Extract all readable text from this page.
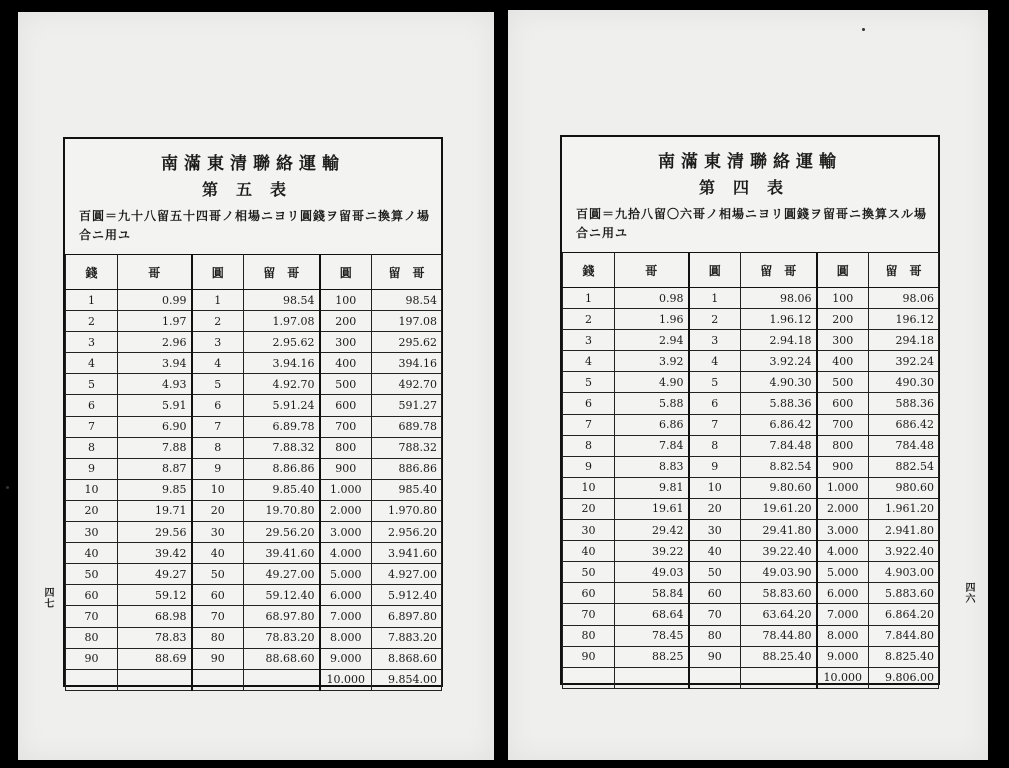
南滿東清聯絡運輸
第五表
百圓＝九十八留五十四哥ノ相場ニヨリ圓錢ヲ留哥ニ換算ノ場合ニ用ユ
錢	哥	圓	留　哥	圓	留　哥
1	0.99	1	98.54	100	98.54
2	1.97	2	1.97.08	200	197.08
3	2.96	3	2.95.62	300	295.62
4	3.94	4	3.94.16	400	394.16
5	4.93	5	4.92.70	500	492.70
6	5.91	6	5.91.24	600	591.27
7	6.90	7	6.89.78	700	689.78
8	7.88	8	7.88.32	800	788.32
9	8.87	9	8.86.86	900	886.86
10	9.85	10	9.85.40	1.000	985.40
20	19.71	20	19.70.80	2.000	1.970.80
30	29.56	30	29.56.20	3.000	2.956.20
40	39.42	40	39.41.60	4.000	3.941.60
50	49.27	50	49.27.00	5.000	4.927.00
60	59.12	60	59.12.40	6.000	5.912.40
70	68.98	70	68.97.80	7.000	6.897.80
80	78.83	80	78.83.20	8.000	7.883.20
90	88.69	90	88.68.60	9.000	8.868.60
				10.000	9.854.00
四七
南滿東清聯絡運輸
第四表
百圓＝九拾八留〇六哥ノ相場ニヨリ圓錢ヲ留哥ニ換算スル場合ニ用ユ
錢	哥	圓	留　哥	圓	留　哥
1	0.98	1	98.06	100	98.06
2	1.96	2	1.96.12	200	196.12
3	2.94	3	2.94.18	300	294.18
4	3.92	4	3.92.24	400	392.24
5	4.90	5	4.90.30	500	490.30
6	5.88	6	5.88.36	600	588.36
7	6.86	7	6.86.42	700	686.42
8	7.84	8	7.84.48	800	784.48
9	8.83	9	8.82.54	900	882.54
10	9.81	10	9.80.60	1.000	980.60
20	19.61	20	19.61.20	2.000	1.961.20
30	29.42	30	29.41.80	3.000	2.941.80
40	39.22	40	39.22.40	4.000	3.922.40
50	49.03	50	49.03.90	5.000	4.903.00
60	58.84	60	58.83.60	6.000	5.883.60
70	68.64	70	63.64.20	7.000	6.864.20
80	78.45	80	78.44.80	8.000	7.844.80
90	88.25	90	88.25.40	9.000	8.825.40
				10.000	9.806.00
四六
